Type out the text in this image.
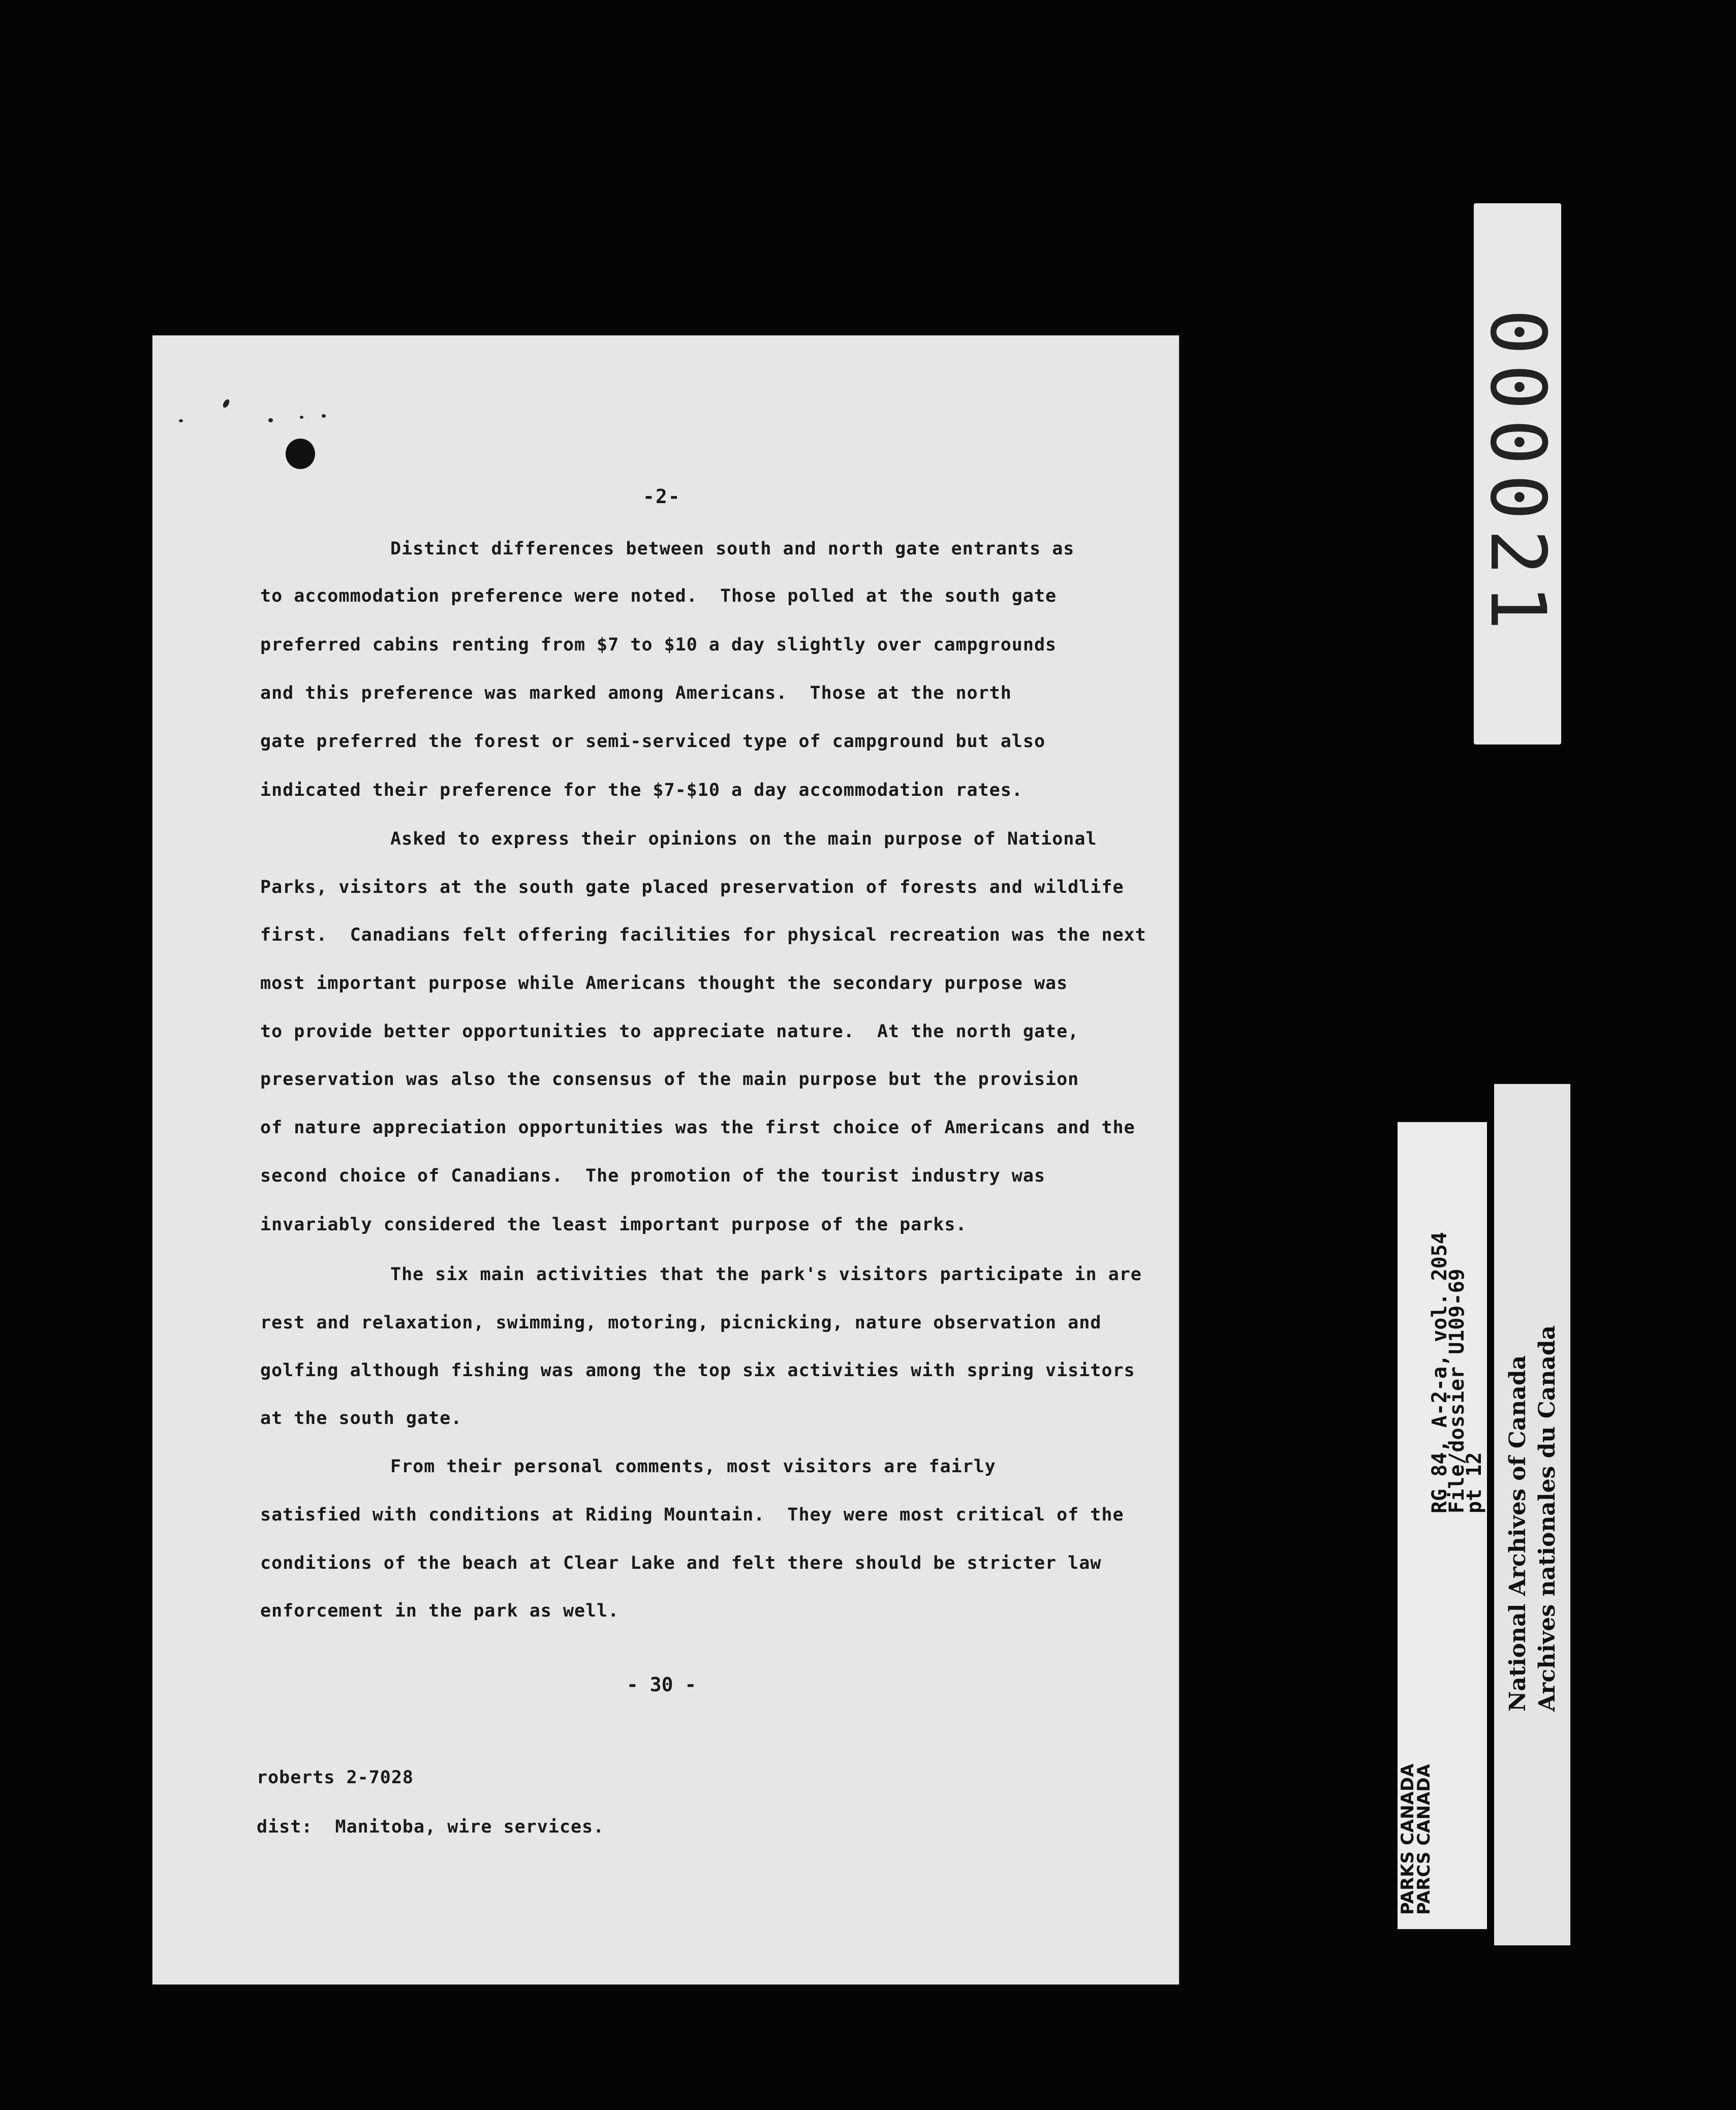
-2-
Distinct differences between south and north gate entrants as
to accommodation preference were noted.  Those polled at the south gate
preferred cabins renting from $7 to $10 a day slightly over campgrounds
and this preference was marked among Americans.  Those at the north
gate preferred the forest or semi-serviced type of campground but also
indicated their preference for the $7-$10 a day accommodation rates.
Asked to express their opinions on the main purpose of National
Parks, visitors at the south gate placed preservation of forests and wildlife
first.  Canadians felt offering facilities for physical recreation was the next
most important purpose while Americans thought the secondary purpose was
to provide better opportunities to appreciate nature.  At the north gate,
preservation was also the consensus of the main purpose but the provision
of nature appreciation opportunities was the first choice of Americans and the
second choice of Canadians.  The promotion of the tourist industry was
invariably considered the least important purpose of the parks.
The six main activities that the park's visitors participate in are
rest and relaxation, swimming, motoring, picnicking, nature observation and
golfing although fishing was among the top six activities with spring visitors
at the south gate.
From their personal comments, most visitors are fairly
satisfied with conditions at Riding Mountain.  They were most critical of the
conditions of the beach at Clear Lake and felt there should be stricter law
enforcement in the park as well.
- 30 -
roberts 2-7028
dist:  Manitoba, wire services.
000021
RG 84, A-2-a, vol. 2054
File/dossier U109-69
pt 12
PARKS CANADA
PARCS CANADA
National Archives of Canada Archives nationales du Canada
